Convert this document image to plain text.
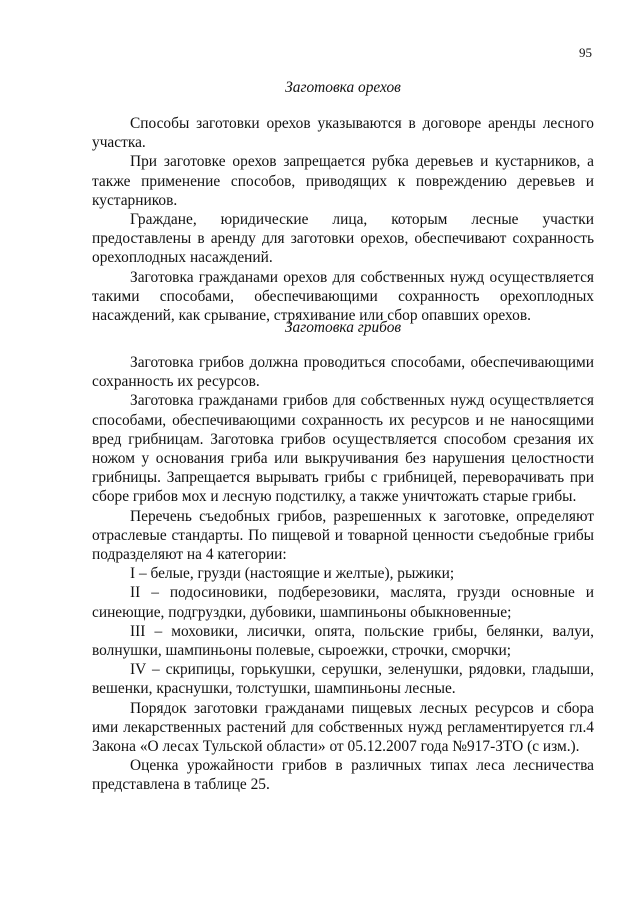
95
Заготовка орехов

Способы заготовки орехов указываются в договоре аренды лесного участка.

При заготовке орехов запрещается рубка деревьев и кустарников, а также применение способов, приводящих к повреждению деревьев и кустарников.

Граждане, юридические лица, которым лесные участки предоставлены в аренду для заготовки орехов, обеспечивают сохранность орехоплодных насаждений.

Заготовка гражданами орехов для собственных нужд осуществляется такими способами, обеспечивающими сохранность орехоплодных насаждений, как срывание, стряхивание или сбор опавших орехов.

Заготовка грибов

Заготовка грибов должна проводиться способами, обеспечивающими сохранность их ресурсов.

Заготовка гражданами грибов для собственных нужд осуществляется способами, обеспечивающими сохранность их ресурсов и не наносящими вред грибницам. Заготовка грибов осуществляется способом срезания их ножом у основания гриба или выкручивания без нарушения целостности грибницы. Запрещается вырывать грибы с грибницей, переворачивать при сборе грибов мох и лесную подстилку, а также уничтожать старые грибы.

Перечень съедобных грибов, разрешенных к заготовке, определяют отраслевые стандарты. По пищевой и товарной ценности съедобные грибы подразделяют на 4 категории:

I – белые, грузди (настоящие и желтые), рыжики;

II – подосиновики, подберезовики, маслята, грузди основные и синеющие, подгруздки, дубовики, шампиньоны обыкновенные;

III – моховики, лисички, опята, польские грибы, белянки, валуи, волнушки, шампиньоны полевые, сыроежки, строчки, сморчки;

IV – скрипицы, горькушки, серушки, зеленушки, рядовки, гладыши, вешенки, краснушки, толстушки, шампиньоны лесные.

Порядок заготовки гражданами пищевых лесных ресурсов и сбора ими лекарственных растений для собственных нужд регламентируется гл.4 Закона «О лесах Тульской области» от 05.12.2007 года №917-ЗТО (с изм.).

Оценка урожайности грибов в различных типах леса лесничества представлена в таблице 25.
